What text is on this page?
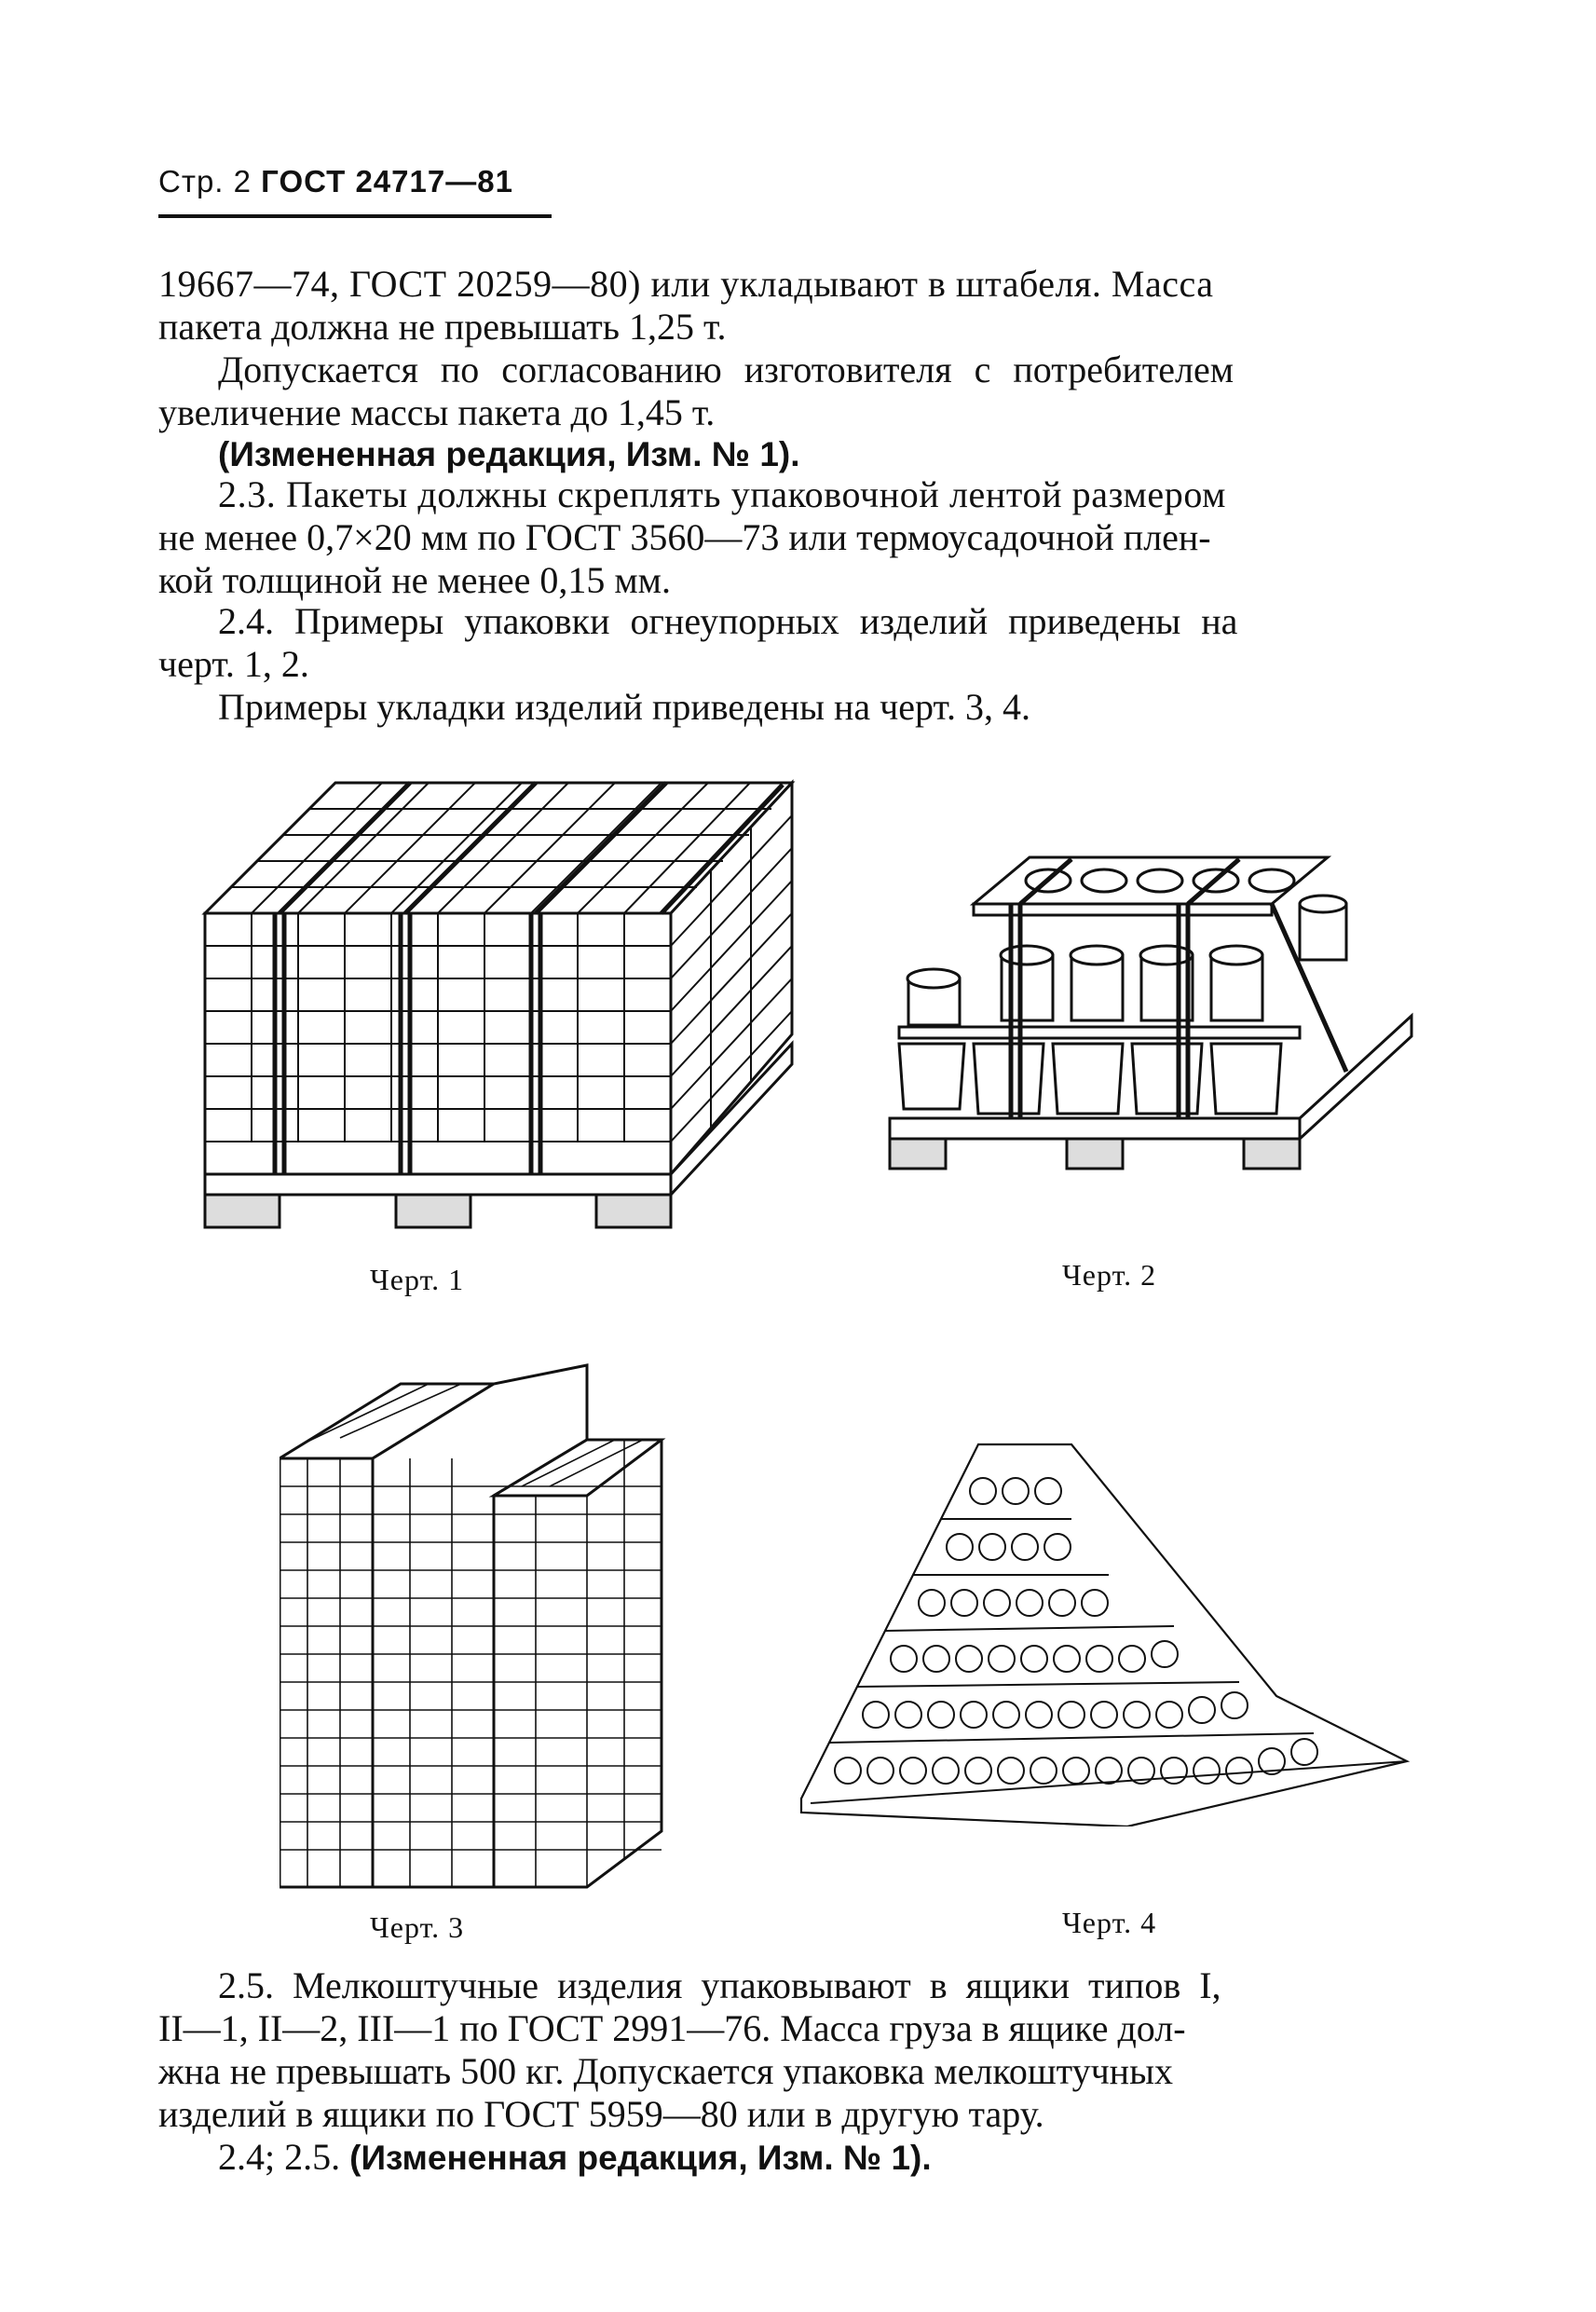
Стр. 2 ГОСТ 24717—81

19667—74, ГОСТ 20259—80) или укладывают в штабеля. Масса
пакета должна не превышать 1,25 т.

Допускается по согласованию изготовителя с потребителем
увеличение массы пакета до 1,45 т.

(Измененная редакция, Изм. № 1).

2.3. Пакеты должны скреплять упаковочной лентой размером
не менее 0,7×20 мм по ГОСТ 3560—73 или термоусадочной плен-
кой толщиной не менее 0,15 мм.

2.4. Примеры упаковки огнеупорных изделий приведены на
черт. 1, 2.

Примеры укладки изделий приведены на черт. 3, 4.

Черт. 1	Черт. 2
Черт. 3	Черт. 4

2.5. Мелкоштучные изделия упаковывают в ящики типов I,
II—1, II—2, III—1 по ГОСТ 2991—76. Масса груза в ящике дол-
жна не превышать 500 кг. Допускается упаковка мелкоштучных
изделий в ящики по ГОСТ 5959—80 или в другую тару.

2.4; 2.5. (Измененная редакция, Изм. № 1).
